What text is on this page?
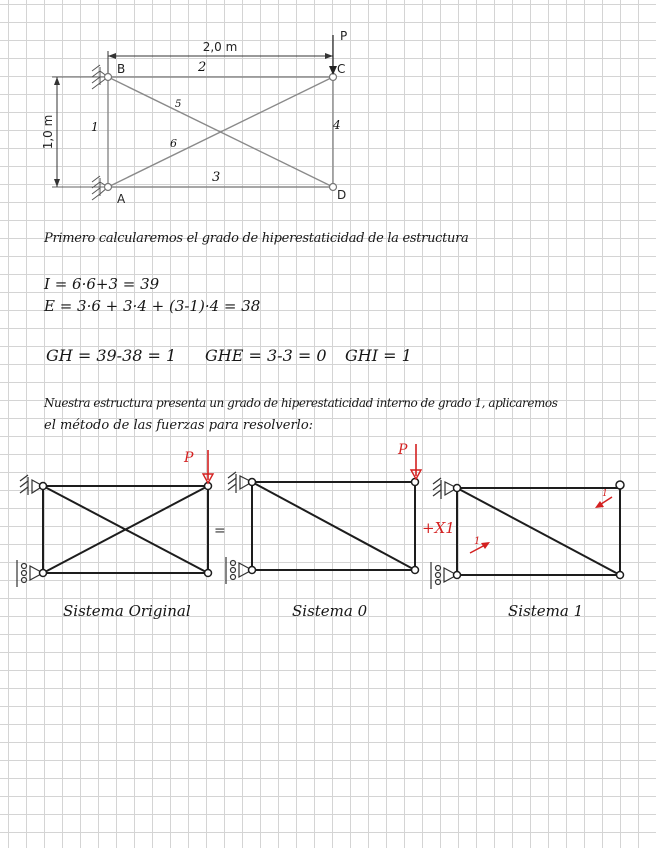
2,0 m
1,0 m
P
B	C
A	D
1
2
3
4
5
6
Primero calcularemos el grado de hiperestaticidad de la estructura
I = 6·6+3 = 39
E = 3·6 + 3·4 + (3-1)·4 = 38
GH = 39-38 = 1 GHE = 3-3 = 0 GHI = 1
Nuestra estructura presenta un grado de hiperestaticidad interno de grado 1, aplicaremos
el método de las fuerzas para resolverlo:
P
=
P
+X1
1
1
Sistema Original	Sistema 0	Sistema 1
